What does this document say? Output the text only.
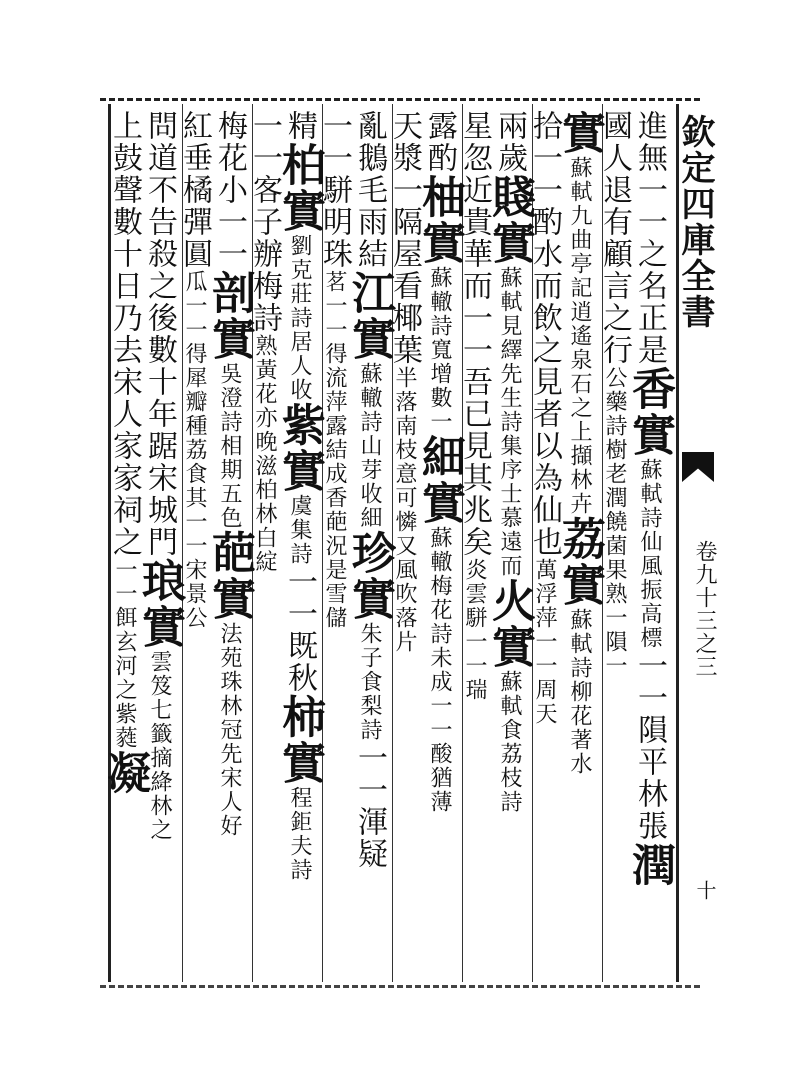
欽定四庫全書
卷九十三之三
十
進無一一之名正是香實蘇軾詩仙風振高標一一隕平林張潤
國人退有顧言之行公藥詩樹老潤饒菌果熟一隕一
實蘇軾九曲亭記逍遙泉石之上擷林卉荔實蘇軾詩柳花著水
拾一一酌水而飲之見者以為仙也萬浮萍一一周天
兩歲賤實蘇軾見繹先生詩集序士慕遠而火實蘇軾食荔枝詩
星忽近貴華而一一吾已見其兆矣炎雲駢一一瑞
露酌柚實蘇轍詩寬增數一細實蘇轍梅花詩未成一一酸猶薄
天漿一隔屋看椰葉半落南枝意可憐又風吹落片
亂鵝毛雨結江實蘇轍詩山芽收細珍實朱子食梨詩一一渾疑
一一駢明珠茗一一得流萍露結成香葩況是雪儲
精柏實劉克莊詩居人收紫實虞集詩一一既秋柿實程鉅夫詩
一一客子辦梅詩熟黃花亦晚滋柏林白綻
梅花小一一剖實吳澄詩相期五色葩實法苑珠林冠先宋人好
紅垂橘彈圓瓜一一得犀瓣種荔食其一一宋景公
問道不告殺之後數十年踞宋城門琅實雲笈七籤摘絳林之
上鼓聲數十日乃去宋人家家祠之一一餌玄河之紫蕤凝
